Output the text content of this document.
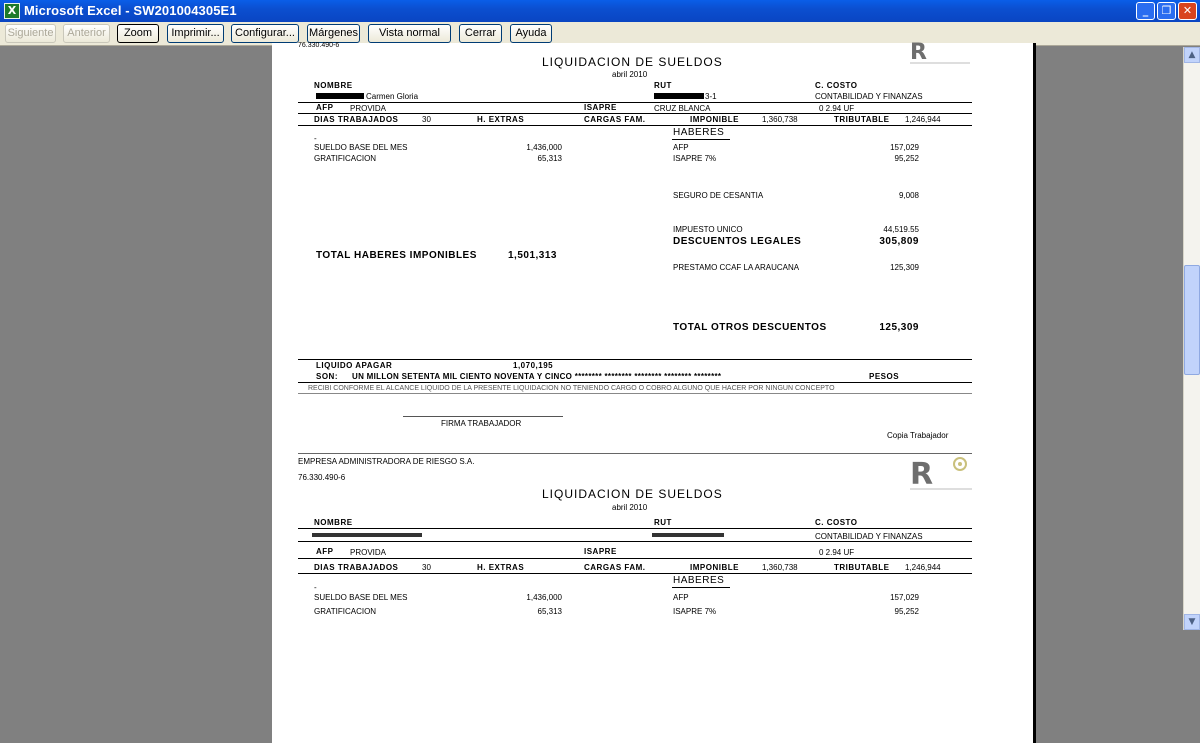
X Microsoft Excel - SW201004305E1	_	❐	✕
Siguiente	Anterior	Zoom	Imprimir...	Configurar...	Márgenes	Vista normal	Cerrar	Ayuda
76.330.490-6	R
LIQUIDACION DE SUELDOS
abril 2010
NOMBRE	RUT	C. COSTO
Carmen Gloria	3-1	CONTABILIDAD Y FINANZAS
AFP PROVIDA	ISAPRE	CRUZ BLANCA	0 2.94 UF
DIAS TRABAJADOS	30	H. EXTRAS	CARGAS FAM.	IMPONIBLE	1,360,738	TRIBUTABLE 1,246,944
HABERES
-
SUELDO BASE DEL MES	1,436,000
GRATIFICACION	65,313
AFP	157,029
ISAPRE 7%	95,252
SEGURO DE CESANTIA	9,008
IMPUESTO UNICO	44,519.55
DESCUENTOS LEGALES	305,809
TOTAL HABERES IMPONIBLES	1,501,313
PRESTAMO CCAF LA ARAUCANA	125,309
TOTAL OTROS DESCUENTOS	125,309
LIQUIDO APAGAR	1,070,195
SON: UN MILLON SETENTA MIL CIENTO NOVENTA Y CINCO ******** ******** ******** ******** ********	PESOS
RECIBI CONFORME EL ALCANCE LIQUIDO DE LA PRESENTE LIQUIDACION NO TENIENDO CARGO O COBRO ALGUNO QUE HACER POR NINGUN CONCEPTO
FIRMA TRABAJADOR
Copia Trabajador
EMPRESA ADMINISTRADORA DE RIESGO S.A.
76.330.490-6	R
LIQUIDACION DE SUELDOS
abril 2010
NOMBRE	RUT	C. COSTO
CONTABILIDAD Y FINANZAS
AFP PROVIDA	ISAPRE	0 2.94 UF
DIAS TRABAJADOS	30	H. EXTRAS	CARGAS FAM.	IMPONIBLE	1,360,738	TRIBUTABLE 1,246,944
HABERES
-
SUELDO BASE DEL MES	1,436,000
GRATIFICACION	65,313
AFP	157,029
ISAPRE 7%	95,252
▲
▼
